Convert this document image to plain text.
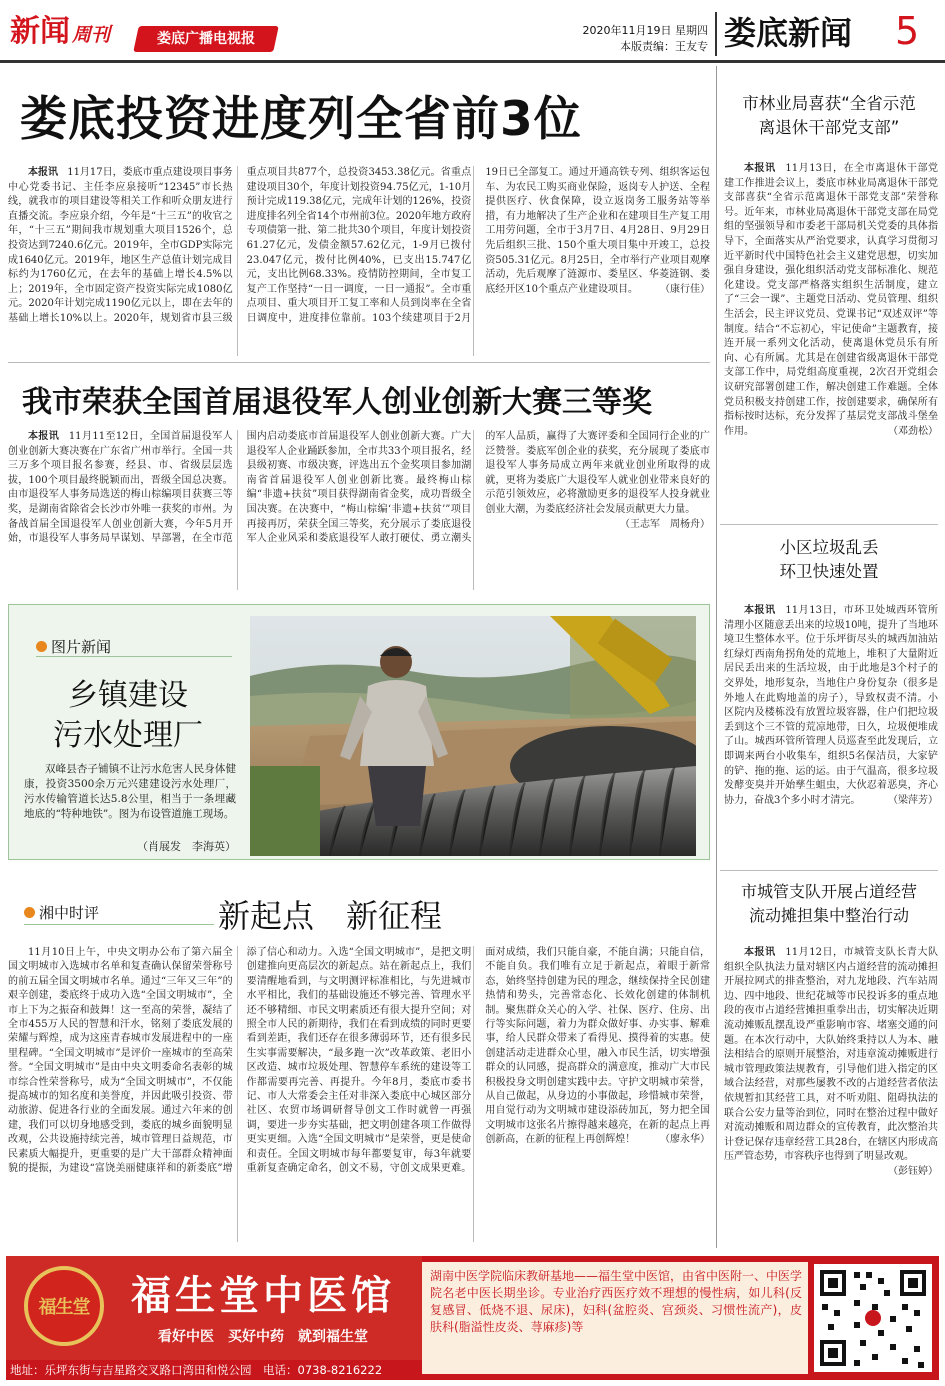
新闻 周刊	娄底广播电视报
2020年11月19日 星期四
本版责编：王友专 娄底新闻 5
娄底投资进度列全省前3位
本报讯 11月17日，娄底市重点建设项目事务中心党委书记、主任李应泉接听“12345”市长热线，就我市的项目建设等相关工作和听众朋友进行直播交流。李应泉介绍，今年是“十三五”的收官之年，“十三五”期间我市规划重大项目1526个，总投资达到7240.6亿元。2019年，全市GDP实际完成1640亿元。2019年，地区生产总值计划完成目标约为1760亿元，在去年的基础上增长4.5%以上；2019年，全市固定资产投资实际完成1080亿元。2020年计划完成1190亿元以上，即在去年的基础上增长10%以上。2020年，规划省市县三级重点项目共877个，总投资3453.38亿元。省重点建设项目30个，年度计划投资94.75亿元，1-10月预计完成119.38亿元，完成年计划的126%，投资进度排名列全省14个市州前3位。2020年地方政府专项债第一批、第二批共30个项目，年度计划投资61.27亿元，发债金额57.62亿元，1-9月已拨付23.047亿元，拨付比例40%，已支出15.747亿元，支出比例68.33%。疫情防控期间，全市复工复产工作坚持“一日一调度，一日一通报”。全市重点项目、重大项目开工复工率和人员到岗率在全省日调度中，进度排位靠前。103个续建项目于2月19日已全部复工。通过开通高铁专列、组织客运包车、为农民工购买商业保险，返岗专人护送、全程提供医疗、伙食保障，设立返岗务工服务站等举措，有力地解决了生产企业和在建项目生产复工用工用劳问题，全市于3月7日、4月28日、9月29日先后组织三批、150个重大项目集中开竣工，总投资505.31亿元。8月25日，全市举行产业项目观摩活动，先后观摩了涟源市、娄星区、华菱涟钢、娄底经开区10个重点产业建设项目。 （康行佳）
我市荣获全国首届退役军人创业创新大赛三等奖
本报讯 11月11至12日，全国首届退役军人创业创新大赛决赛在广东省广州市举行。全国一共三万多个项目报名参赛，经县、市、省级层层选拔，100个项目最终脱颖而出，晋级全国总决赛。由市退役军人事务局选送的梅山棕编项目获赛三等奖，是湖南省除省会长沙市外唯一获奖的市州。为备战首届全国退役军人创业创新大赛，今年5月开始，市退役军人事务局早谋划、早部署，在全市范围内启动娄底市首届退役军人创业创新大赛。广大退役军人企业踊跃参加，全市共33个项目报名，经县级初赛、市级决赛，评选出五个金奖项目参加湖南省首届退役军人创业创新比赛。最终梅山棕编“非遗+扶贫”项目获得湖南省金奖，成功晋级全国决赛。在决赛中，“梅山棕编‘非遗+扶贫’”项目再接再厉，荣获全国三等奖，充分展示了娄底退役军人企业风采和娄底退役军人敢打硬仗、勇立潮头的军人品质，赢得了大赛评委和全国同行企业的广泛赞誉。娄底军创企业的获奖，充分展现了娄底市退役军人事务局成立两年来就业创业所取得的成就，更将为娄底广大退役军人就业创业带来良好的示范引领效应，必将激励更多的退役军人投身就业创业大潮，为娄底经济社会发展贡献更大力量。
（王志军　周杨舟）
图片新闻
乡镇建设
污水处理厂
双峰县杏子铺镇不让污水危害人民身体健康，投资3500余万元兴建建设污水处理厂，污水传输管道长达5.8公里，相当于一条埋藏地底的“特种地铁”。图为布设管道施工现场。
（肖展发　李海英）
湘中时评	新起点　新征程
11月10日上午，中央文明办公布了第六届全国文明城市入选城市名单和复查确认保留荣誉称号的前五届全国文明城市名单。通过“三年又三年”的艰辛创建，娄底终于成功入选“全国文明城市”，全市上下为之振奋和鼓舞！这一至高的荣誉，凝结了全市455万人民的智慧和汗水，铭刻了娄底发展的荣耀与辉煌，成为这座青春城市发展进程中的一座里程碑。“全国文明城市”是评价一座城市的至高荣誉。“全国文明城市”是由中央文明委命名表彰的城市综合性荣誉称号，成为“全国文明城市”，不仅能提高城市的知名度和美誉度，并因此吸引投资、带动旅游、促进各行业的全面发展。通过六年来的创建，我们可以切身地感受到，娄底的城乡面貌明显改观，公共设施持续完善，城市管理日益规范，市民素质大幅提升，更重要的是广大干部群众精神面貌的提振，为建设“富饶美丽健康祥和的新娄底”增添了信心和动力。入选“全国文明城市”，是把文明创建推向更高层次的新起点。站在新起点上，我们要清醒地看到，与文明测评标准相比，与先进城市水平相比，我们的基础设施还不够完善、管理水平还不够精细、市民文明素质还有很大提升空间；对照全市人民的新期待，我们在看到成绩的同时更要看到差距，我们还存在很多薄弱环节，还有很多民生实事需要解决，“最多跑一次”改革政策、老旧小区改造、城市垃圾处理、智慧停车系统的建设等工作都需要再完善、再提升。今年8月，娄底市委书记、市人大常委会主任对非深入娄底中心城区部分社区、农贸市场调研督导创文工作时就曾一再强调，要进一步夯实基础，把文明创建各项工作做得更实更细。入选“全国文明城市”是荣誉，更是使命和责任。全国文明城市每年都要复审，每3年就要重新复查确定命名，创文不易，守创文成果更难。面对成绩，我们只能自豪，不能自满；只能自信，不能自负。我们唯有立足于新起点，着眼于新常态，始终坚持创建为民的理念，继续保持全民创建热情和势头，完善常态化、长效化创建的体制机制。聚焦群众关心的入学、社保、医疗、住房、出行等实际问题，着力为群众做好事、办实事、解难事，给人民群众带来了看得见、摸得着的实惠。使创建活动走进群众心里，融入市民生活，切实增强群众的认同感，提高群众的满意度，推动广大市民积极投身文明创建实践中去。守护文明城市荣誉，从自己做起，从身边的小事做起，珍惜城市荣誉，用自觉行动为文明城市建设添砖加瓦，努力把全国文明城市这张名片擦得越来越亮，在新的起点上再创新高，在新的征程上再创辉煌！	（廖永华）
市林业局喜获“全省示范
离退休干部党支部”
本报讯 11月13日，在全市离退休干部党建工作推进会议上，娄底市林业局离退休干部党支部喜获“全省示范离退休干部党支部”荣誉称号。近年来，市林业局离退休干部党支部在局党组的坚强领导和市委老干部局机关党委的具体指导下，全面落实从严治党要求，认真学习贯彻习近平新时代中国特色社会主义建党思想，切实加强自身建设，强化组织活动党支部标准化、规范化建设。党支部严格落实组织生活制度，建立了“三会一课”、主题党日活动、党员管理、组织生活会，民主评议党员、党课书记“双述双评”等制度。结合“不忘初心，牢记使命”主题教育，接连开展一系列文化活动，使离退休党员乐有所向、心有所属。尤其是在创建省级离退休干部党支部工作中，局党组高度重视，2次召开党组会议研究部署创建工作，解决创建工作难题。全体党员积极支持创建工作，按创建要求，确保所有指标按时达标，充分发挥了基层党支部战斗堡垒作用。	（邓劲松）
小区垃圾乱丢
环卫快速处置
本报讯 11月13日，市环卫处城西环管所清理小区随意丢出来的垃圾10吨，提升了当地环境卫生整体水平。位于乐坪街尽头的城西加油站红绿灯西南角拐角处的荒地上，堆积了大量附近居民丢出来的生活垃圾，由于此地是3个村子的交界处，地形复杂，当地住户身份复杂（很多是外地人在此购地盖的房子），导致权责不清。小区院内及楼栋没有放置垃圾容器，住户们把垃圾丢到这个三不管的荒凉地带，日久，垃圾便堆成了山。城西环管所管理人员巡查至此发现后，立即调来两台小收集车，组织5名保洁员，大家铲的铲、拖的拖、运的运。由于气温高，很多垃圾发酵变臭并开始孳生蛆虫，大伙忍着恶臭，齐心协力，奋战3个多小时才清完。	（梁萍芳）
市城管支队开展占道经营
流动摊担集中整治行动
本报讯 11月12日，市城管支队长青大队组织全队执法力量对辖区内占道经营的流动摊担开展拉网式的排查整治，对九龙地段、汽车站周边、四中地段、世纪花城等市民投诉多的重点地段的夜市占道经营摊担重拳出击，切实解决近期流动摊贩乱摆乱设严重影响市容、堵塞交通的问题。在本次行动中，大队始终秉持以人为本、融法相结合的原则开展整治，对违章流动摊贩进行城市管理政策法规教育，引导他们进入指定的区域合法经营，对那些屡教不改的占道经营者依法依规暂扣其经营工具，对不听劝阻、阻碍执法的联合公安力量等治到位，同时在整治过程中做好对流动摊贩和周边群众的宣传教育，此次整治共计登记保存违章经营工具28台，在辖区内形成高压严管态势，市容秩序也得到了明显改观。
（彭钰婷）
福生堂	福生堂中医馆
看好中医　买好中药　就到福生堂
地址：乐坪东街与吉星路交叉路口湾田和悦公园　电话：0738-8216222
湖南中医学院临床教研基地——福生堂中医馆，由省中医附一、中医学院名老中医长期坐诊。专业治疗西医疗效不理想的慢性病，如儿科(反复感冒、低烧不退、尿床)，妇科(盆腔炎、宫颈炎、习惯性流产)，皮肤科(脂溢性皮炎、荨麻疹)等
